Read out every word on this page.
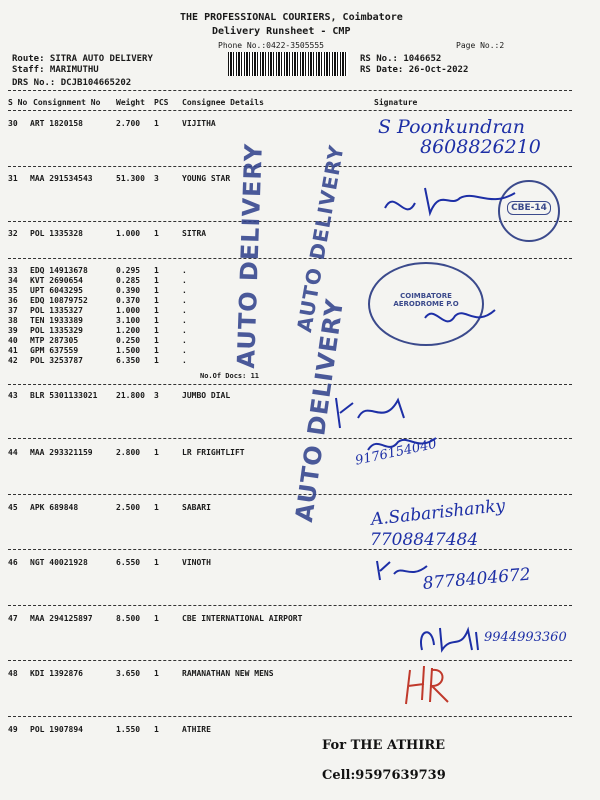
THE PROFESSIONAL COURIERS, Coimbatore
Delivery Runsheet - CMP
Phone No.:0422-3505555	Page No.:2
Route: SITRA AUTO DELIVERY
Staff: MARIMUTHU
DRS No.: DCJB104665202
RS No.: 1046652
RS Date: 26-Oct-2022
S No Consignment No Weight PCS Consignee Details	Signature
30 ART 1820158	2.700 1	VIJITHA
31 MAA 291534543	51.300 3	YOUNG STAR
32 POL 1335328	1.000 1	SITRA
33 EDQ 14913678	0.295 1	.
34 KVT 2690654	0.285 1	.
35 UPT 6043295	0.390 1	.
36 EDQ 10879752	0.370 1	.
37 POL 1335327	1.000 1	.
38 TEN 1933389	3.100 1	.
39 POL 1335329	1.200 1	.
40 MTP 287305	0.250 1	.
41 GPM 637559	1.500 1	.
42 POL 3253787	6.350 1	.
No.Of Docs: 11
43 BLR 5301133021 21.800 3	JUMBO DIAL
44 MAA 293321159	2.800 1	LR FRIGHTLIFT
45 APK 689848	2.500 1	SABARI
46 NGT 40021928	6.550 1	VINOTH
47 MAA 294125897	8.500 1	CBE INTERNATIONAL AIRPORT
48 KDI 1392876	3.650 1	RAMANATHAN NEW MENS
49 POL 1907894	1.550 1	ATHIRE
AUTO DELIVERY AUTO DELIVERY
AUTO DELIVERY
CBE-14
COIMBATORE
AERODROME P.O
S Poonkundran
8608826210
9176154040
A.Sabarishanky
7708847484
8778404672
9944993360
For THE ATHIRE
Cell:9597639739
